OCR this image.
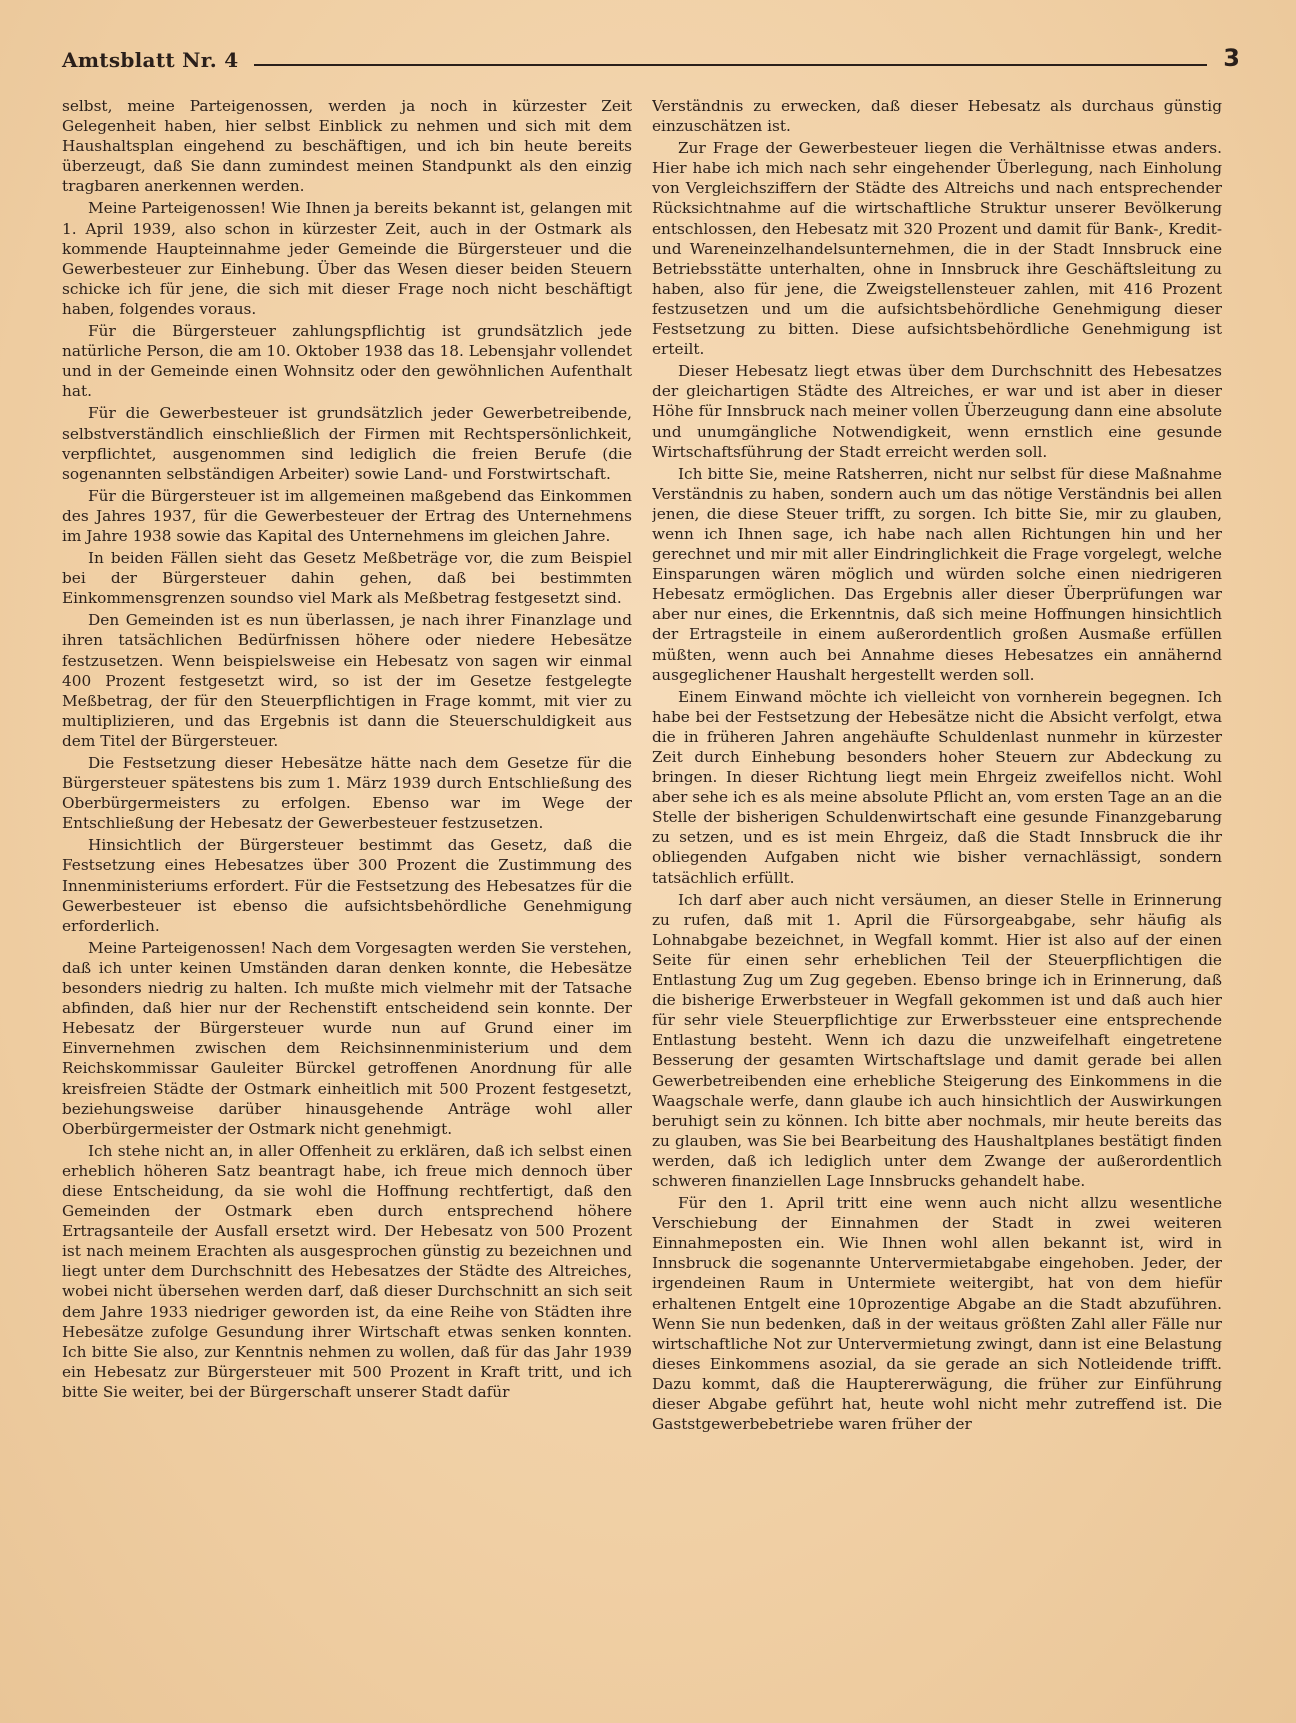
Amtsblatt Nr. 4	3

selbst, meine Parteigenossen, werden ja noch in kürzester Zeit Gelegenheit haben, hier selbst Einblick zu nehmen und sich mit dem Haushaltsplan eingehend zu beschäftigen, und ich bin heute bereits überzeugt, daß Sie dann zumindest meinen Standpunkt als den einzig tragbaren anerkennen werden.

Meine Parteigenossen! Wie Ihnen ja bereits bekannt ist, gelangen mit 1. April 1939, also schon in kürzester Zeit, auch in der Ostmark als kommende Haupteinnahme jeder Gemeinde die Bürgersteuer und die Gewerbesteuer zur Einhebung. Über das Wesen dieser beiden Steuern schicke ich für jene, die sich mit dieser Frage noch nicht beschäftigt haben, folgendes voraus.

Für die Bürgersteuer zahlungspflichtig ist grundsätzlich jede natürliche Person, die am 10. Oktober 1938 das 18. Lebensjahr vollendet und in der Gemeinde einen Wohnsitz oder den gewöhnlichen Aufenthalt hat.

Für die Gewerbesteuer ist grundsätzlich jeder Gewerbetreibende, selbstverständlich einschließlich der Firmen mit Rechtspersönlichkeit, verpflichtet, ausgenommen sind lediglich die freien Berufe (die sogenannten selbständigen Arbeiter) sowie Land- und Forstwirtschaft.

Für die Bürgersteuer ist im allgemeinen maßgebend das Einkommen des Jahres 1937, für die Gewerbesteuer der Ertrag des Unternehmens im Jahre 1938 sowie das Kapital des Unternehmens im gleichen Jahre.

In beiden Fällen sieht das Gesetz Meßbeträge vor, die zum Beispiel bei der Bürgersteuer dahin gehen, daß bei bestimmten Einkommensgrenzen soundso viel Mark als Meßbetrag festgesetzt sind.

Den Gemeinden ist es nun überlassen, je nach ihrer Finanzlage und ihren tatsächlichen Bedürfnissen höhere oder niedere Hebesätze festzusetzen. Wenn beispielsweise ein Hebesatz von sagen wir einmal 400 Prozent festgesetzt wird, so ist der im Gesetze festgelegte Meßbetrag, der für den Steuerpflichtigen in Frage kommt, mit vier zu multiplizieren, und das Ergebnis ist dann die Steuerschuldigkeit aus dem Titel der Bürgersteuer.

Die Festsetzung dieser Hebesätze hätte nach dem Gesetze für die Bürgersteuer spätestens bis zum 1. März 1939 durch Entschließung des Oberbürgermeisters zu erfolgen. Ebenso war im Wege der Entschließung der Hebesatz der Gewerbesteuer festzusetzen.

Hinsichtlich der Bürgersteuer bestimmt das Gesetz, daß die Festsetzung eines Hebesatzes über 300 Prozent die Zustimmung des Innenministeriums erfordert. Für die Festsetzung des Hebesatzes für die Gewerbesteuer ist ebenso die aufsichtsbehördliche Genehmigung erforderlich.

Meine Parteigenossen! Nach dem Vorgesagten werden Sie verstehen, daß ich unter keinen Umständen daran denken konnte, die Hebesätze besonders niedrig zu halten. Ich mußte mich vielmehr mit der Tatsache abfinden, daß hier nur der Rechenstift entscheidend sein konnte. Der Hebesatz der Bürgersteuer wurde nun auf Grund einer im Einvernehmen zwischen dem Reichsinnenministerium und dem Reichskommissar Gauleiter Bürckel getroffenen Anordnung für alle kreisfreien Städte der Ostmark einheitlich mit 500 Prozent festgesetzt, beziehungsweise darüber hinausgehende Anträge wohl aller Oberbürgermeister der Ostmark nicht genehmigt.

Ich stehe nicht an, in aller Offenheit zu erklären, daß ich selbst einen erheblich höheren Satz beantragt habe, ich freue mich dennoch über diese Entscheidung, da sie wohl die Hoffnung rechtfertigt, daß den Gemeinden der Ostmark eben durch entsprechend höhere Ertragsanteile der Ausfall ersetzt wird. Der Hebesatz von 500 Prozent ist nach meinem Erachten als ausgesprochen günstig zu bezeichnen und liegt unter dem Durchschnitt des Hebesatzes der Städte des Altreiches, wobei nicht übersehen werden darf, daß dieser Durchschnitt an sich seit dem Jahre 1933 niedriger geworden ist, da eine Reihe von Städten ihre Hebesätze zufolge Gesundung ihrer Wirtschaft etwas senken konnten. Ich bitte Sie also, zur Kenntnis nehmen zu wollen, daß für das Jahr 1939 ein Hebesatz zur Bürgersteuer mit 500 Prozent in Kraft tritt, und ich bitte Sie weiter, bei der Bürgerschaft unserer Stadt dafür

Verständnis zu erwecken, daß dieser Hebesatz als durchaus günstig einzuschätzen ist.

Zur Frage der Gewerbesteuer liegen die Verhältnisse etwas anders. Hier habe ich mich nach sehr eingehender Überlegung, nach Einholung von Vergleichsziffern der Städte des Altreichs und nach entsprechender Rücksichtnahme auf die wirtschaftliche Struktur unserer Bevölkerung entschlossen, den Hebesatz mit 320 Prozent und damit für Bank-, Kredit- und Wareneinzelhandelsunternehmen, die in der Stadt Innsbruck eine Betriebsstätte unterhalten, ohne in Innsbruck ihre Geschäftsleitung zu haben, also für jene, die Zweigstellensteuer zahlen, mit 416 Prozent festzusetzen und um die aufsichtsbehördliche Genehmigung dieser Festsetzung zu bitten. Diese aufsichtsbehördliche Genehmigung ist erteilt.

Dieser Hebesatz liegt etwas über dem Durchschnitt des Hebesatzes der gleichartigen Städte des Altreiches, er war und ist aber in dieser Höhe für Innsbruck nach meiner vollen Überzeugung dann eine absolute und unumgängliche Notwendigkeit, wenn ernstlich eine gesunde Wirtschaftsführung der Stadt erreicht werden soll.

Ich bitte Sie, meine Ratsherren, nicht nur selbst für diese Maßnahme Verständnis zu haben, sondern auch um das nötige Verständnis bei allen jenen, die diese Steuer trifft, zu sorgen. Ich bitte Sie, mir zu glauben, wenn ich Ihnen sage, ich habe nach allen Richtungen hin und her gerechnet und mir mit aller Eindringlichkeit die Frage vorgelegt, welche Einsparungen wären möglich und würden solche einen niedrigeren Hebesatz ermöglichen. Das Ergebnis aller dieser Überprüfungen war aber nur eines, die Erkenntnis, daß sich meine Hoffnungen hinsichtlich der Ertragsteile in einem außerordentlich großen Ausmaße erfüllen müßten, wenn auch bei Annahme dieses Hebesatzes ein annähernd ausgeglichener Haushalt hergestellt werden soll.

Einem Einwand möchte ich vielleicht von vornherein begegnen. Ich habe bei der Festsetzung der Hebesätze nicht die Absicht verfolgt, etwa die in früheren Jahren angehäufte Schuldenlast nunmehr in kürzester Zeit durch Einhebung besonders hoher Steuern zur Abdeckung zu bringen. In dieser Richtung liegt mein Ehrgeiz zweifellos nicht. Wohl aber sehe ich es als meine absolute Pflicht an, vom ersten Tage an an die Stelle der bisherigen Schuldenwirtschaft eine gesunde Finanzgebarung zu setzen, und es ist mein Ehrgeiz, daß die Stadt Innsbruck die ihr obliegenden Aufgaben nicht wie bisher vernachlässigt, sondern tatsächlich erfüllt.

Ich darf aber auch nicht versäumen, an dieser Stelle in Erinnerung zu rufen, daß mit 1. April die Fürsorgeabgabe, sehr häufig als Lohnabgabe bezeichnet, in Wegfall kommt. Hier ist also auf der einen Seite für einen sehr erheblichen Teil der Steuerpflichtigen die Entlastung Zug um Zug gegeben. Ebenso bringe ich in Erinnerung, daß die bisherige Erwerbsteuer in Wegfall gekommen ist und daß auch hier für sehr viele Steuerpflichtige zur Erwerbssteuer eine entsprechende Entlastung besteht. Wenn ich dazu die unzweifelhaft eingetretene Besserung der gesamten Wirtschaftslage und damit gerade bei allen Gewerbetreibenden eine erhebliche Steigerung des Einkommens in die Waagschale werfe, dann glaube ich auch hinsichtlich der Auswirkungen beruhigt sein zu können. Ich bitte aber nochmals, mir heute bereits das zu glauben, was Sie bei Bearbeitung des Haushaltplanes bestätigt finden werden, daß ich lediglich unter dem Zwange der außerordentlich schweren finanziellen Lage Innsbrucks gehandelt habe.

Für den 1. April tritt eine wenn auch nicht allzu wesentliche Verschiebung der Einnahmen der Stadt in zwei weiteren Einnahmeposten ein. Wie Ihnen wohl allen bekannt ist, wird in Innsbruck die sogenannte Untervermietabgabe eingehoben. Jeder, der irgendeinen Raum in Untermiete weitergibt, hat von dem hiefür erhaltenen Entgelt eine 10prozentige Abgabe an die Stadt abzuführen. Wenn Sie nun bedenken, daß in der weitaus größten Zahl aller Fälle nur wirtschaftliche Not zur Untervermietung zwingt, dann ist eine Belastung dieses Einkommens asozial, da sie gerade an sich Notleidende trifft. Dazu kommt, daß die Hauptererwägung, die früher zur Einführung dieser Abgabe geführt hat, heute wohl nicht mehr zutreffend ist. Die Gaststgewerbebetriebe waren früher der
